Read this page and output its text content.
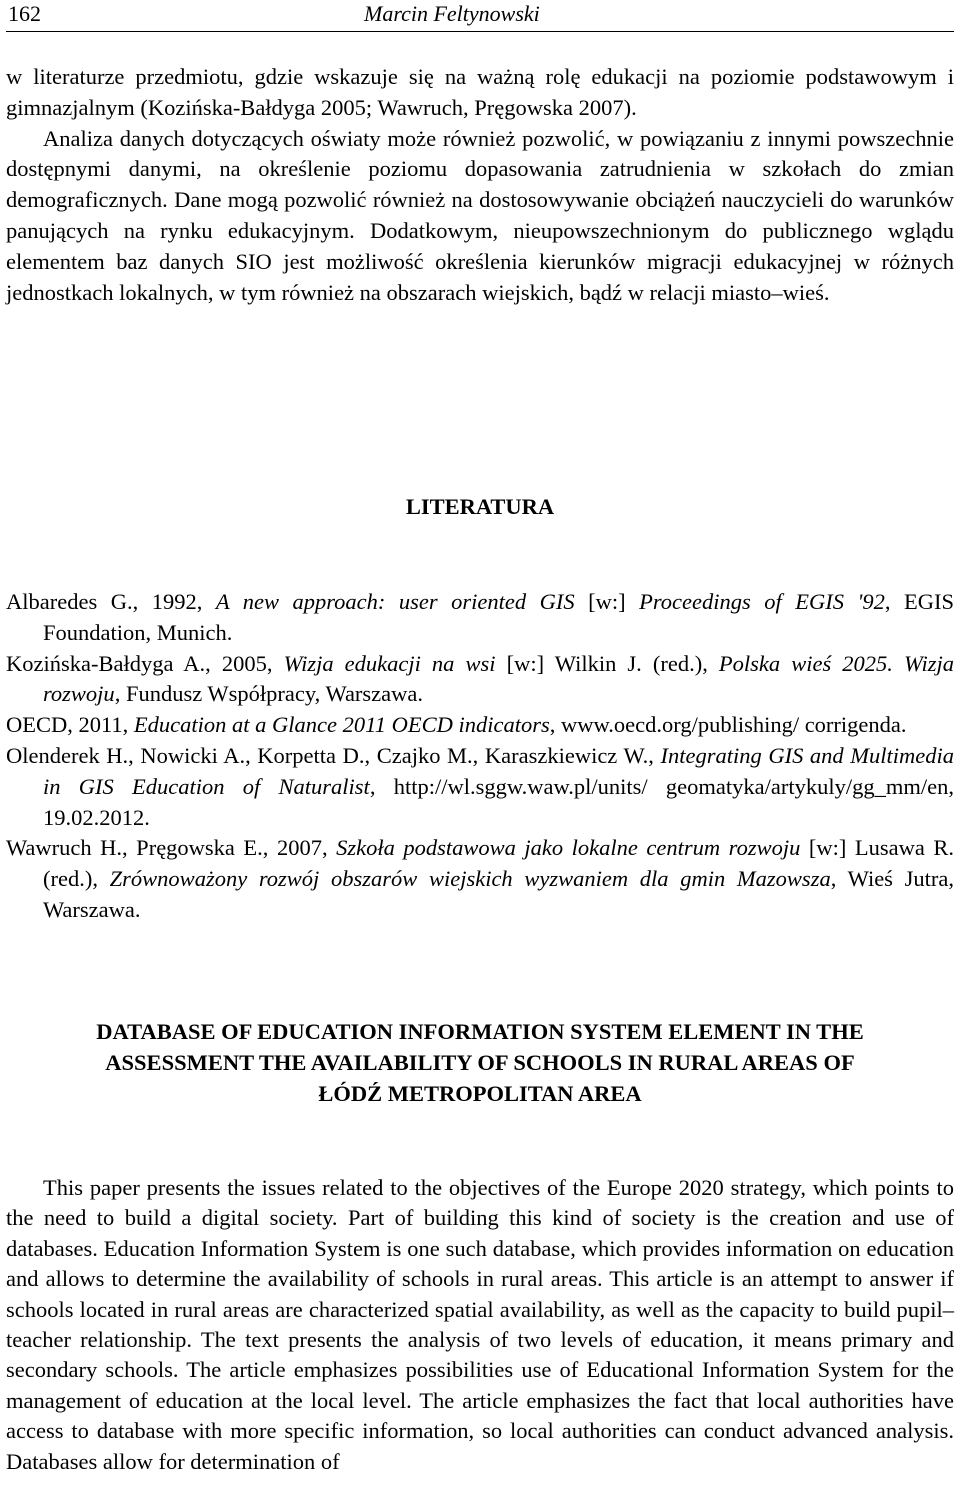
162	Marcin Feltynowski

w literaturze przedmiotu, gdzie wskazuje się na ważną rolę edukacji na poziomie podstawowym i gimnazjalnym (Kozińska-Bałdyga 2005; Wawruch, Pręgowska 2007).

Analiza danych dotyczących oświaty może również pozwolić, w powiązaniu z innymi powszechnie dostępnymi danymi, na określenie poziomu dopasowania zatrudnienia w szkołach do zmian demograficznych. Dane mogą pozwolić również na dostosowywanie obciążeń nauczycieli do warunków panujących na rynku edukacyjnym. Dodatkowym, nieupowszechnionym do publicznego wglądu elementem baz danych SIO jest możliwość określenia kierunków migracji edukacyjnej w różnych jednostkach lokalnych, w tym również na obszarach wiejskich, bądź w relacji miasto–wieś.

LITERATURA

Albaredes G., 1992, A new approach: user oriented GIS [w:] Proceedings of EGIS '92, EGIS Foundation, Munich.

Kozińska-Bałdyga A., 2005, Wizja edukacji na wsi [w:] Wilkin J. (red.), Polska wieś 2025. Wizja rozwoju, Fundusz Współpracy, Warszawa.

OECD, 2011, Education at a Glance 2011 OECD indicators, www.oecd.org/publishing/ corrigenda.

Olenderek H., Nowicki A., Korpetta D., Czajko M., Karaszkiewicz W., Integrating GIS and Multimedia in GIS Education of Naturalist, http://wl.sggw.waw.pl/units/ geomatyka/artykuly/gg_mm/en, 19.02.2012.

Wawruch H., Pręgowska E., 2007, Szkoła podstawowa jako lokalne centrum rozwoju [w:] Lusawa R. (red.), Zrównoważony rozwój obszarów wiejskich wyzwaniem dla gmin Mazowsza, Wieś Jutra, Warszawa.

DATABASE OF EDUCATION INFORMATION SYSTEM ELEMENT IN THE
ASSESSMENT THE AVAILABILITY OF SCHOOLS IN RURAL AREAS OF
ŁÓDŹ METROPOLITAN AREA

This paper presents the issues related to the objectives of the Europe 2020 strategy, which points to the need to build a digital society. Part of building this kind of society is the creation and use of databases. Education Information System is one such database, which provides information on education and allows to determine the availability of schools in rural areas. This article is an attempt to answer if schools located in rural areas are characterized spatial availability, as well as the capacity to build pupil–teacher relationship. The text presents the analysis of two levels of education, it means primary and secondary schools. The article emphasizes possibilities use of Educational Information System for the management of education at the local level. The article emphasizes the fact that local authorities have access to database with more specific information, so local authorities can conduct advanced analysis. Databases allow for determination of
